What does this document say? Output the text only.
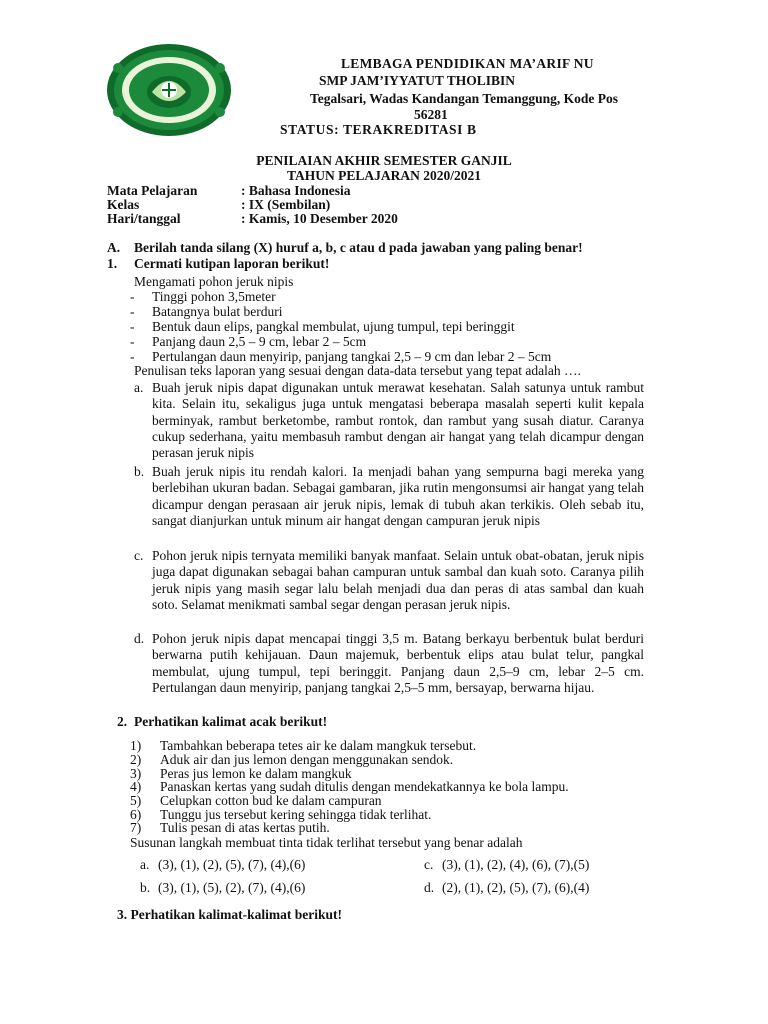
LEMBAGA PENDIDIKAN MA’ARIF NU
SMP JAM’IYYATUT THOLIBIN
Tegalsari, Wadas Kandangan Temanggung, Kode Pos
56281
STATUS: TERAKREDITASI B
PENILAIAN AKHIR SEMESTER GANJIL
TAHUN PELAJARAN 2020/2021
Mata Pelajaran	: Bahasa Indonesia
Kelas	: IX (Sembilan)
Hari/tanggal	: Kamis, 10 Desember 2020
A. Berilah tanda silang (X) huruf a, b, c atau d pada jawaban yang paling benar!
1. Cermati kutipan laporan berikut!
Mengamati pohon jeruk nipis
- Tinggi pohon 3,5meter
- Batangnya bulat berduri
- Bentuk daun elips, pangkal membulat, ujung tumpul, tepi beringgit
- Panjang daun 2,5 – 9 cm, lebar 2 – 5cm
- Pertulangan daun menyirip, panjang tangkai 2,5 – 9 cm dan lebar 2 – 5cm
Penulisan teks laporan yang sesuai dengan data-data tersebut yang tepat adalah ….
a. Buah jeruk nipis dapat digunakan untuk merawat kesehatan. Salah satunya untuk rambut kita. Selain itu, sekaligus juga untuk mengatasi beberapa masalah seperti kulit kepala berminyak, rambut berketombe, rambut rontok, dan rambut yang susah diatur. Caranya cukup sederhana, yaitu membasuh rambut dengan air hangat yang telah dicampur dengan perasan jeruk nipis
b. Buah jeruk nipis itu rendah kalori. Ia menjadi bahan yang sempurna bagi mereka yang berlebihan ukuran badan. Sebagai gambaran, jika rutin mengonsumsi air hangat yang telah dicampur dengan perasaan air jeruk nipis, lemak di tubuh akan terkikis. Oleh sebab itu, sangat dianjurkan untuk minum air hangat dengan campuran jeruk nipis
c. Pohon jeruk nipis ternyata memiliki banyak manfaat. Selain untuk obat-obatan, jeruk nipis juga dapat digunakan sebagai bahan campuran untuk sambal dan kuah soto. Caranya pilih jeruk nipis yang masih segar lalu belah menjadi dua dan peras di atas sambal dan kuah soto. Selamat menikmati sambal segar dengan perasan jeruk nipis.
d. Pohon jeruk nipis dapat mencapai tinggi 3,5 m. Batang berkayu berbentuk bulat berduri berwarna putih kehijauan. Daun majemuk, berbentuk elips atau bulat telur, pangkal membulat, ujung tumpul, tepi beringgit. Panjang daun 2,5–9 cm, lebar 2–5 cm. Pertulangan daun menyirip, panjang tangkai 2,5–5 mm, bersayap, berwarna hijau.
2. Perhatikan kalimat acak berikut!
1) Tambahkan beberapa tetes air ke dalam mangkuk tersebut.
2) Aduk air dan jus lemon dengan menggunakan sendok.
3) Peras jus lemon ke dalam mangkuk
4) Panaskan kertas yang sudah ditulis dengan mendekatkannya ke bola lampu.
5) Celupkan cotton bud ke dalam campuran
6) Tunggu jus tersebut kering sehingga tidak terlihat.
7) Tulis pesan di atas kertas putih.
Susunan langkah membuat tinta tidak terlihat tersebut yang benar adalah
a. (3), (1), (2), (5), (7), (4),(6)	c. (3), (1), (2), (4), (6), (7),(5)
b. (3), (1), (5), (2), (7), (4),(6)	d. (2), (1), (2), (5), (7), (6),(4)
3. Perhatikan kalimat-kalimat berikut!
